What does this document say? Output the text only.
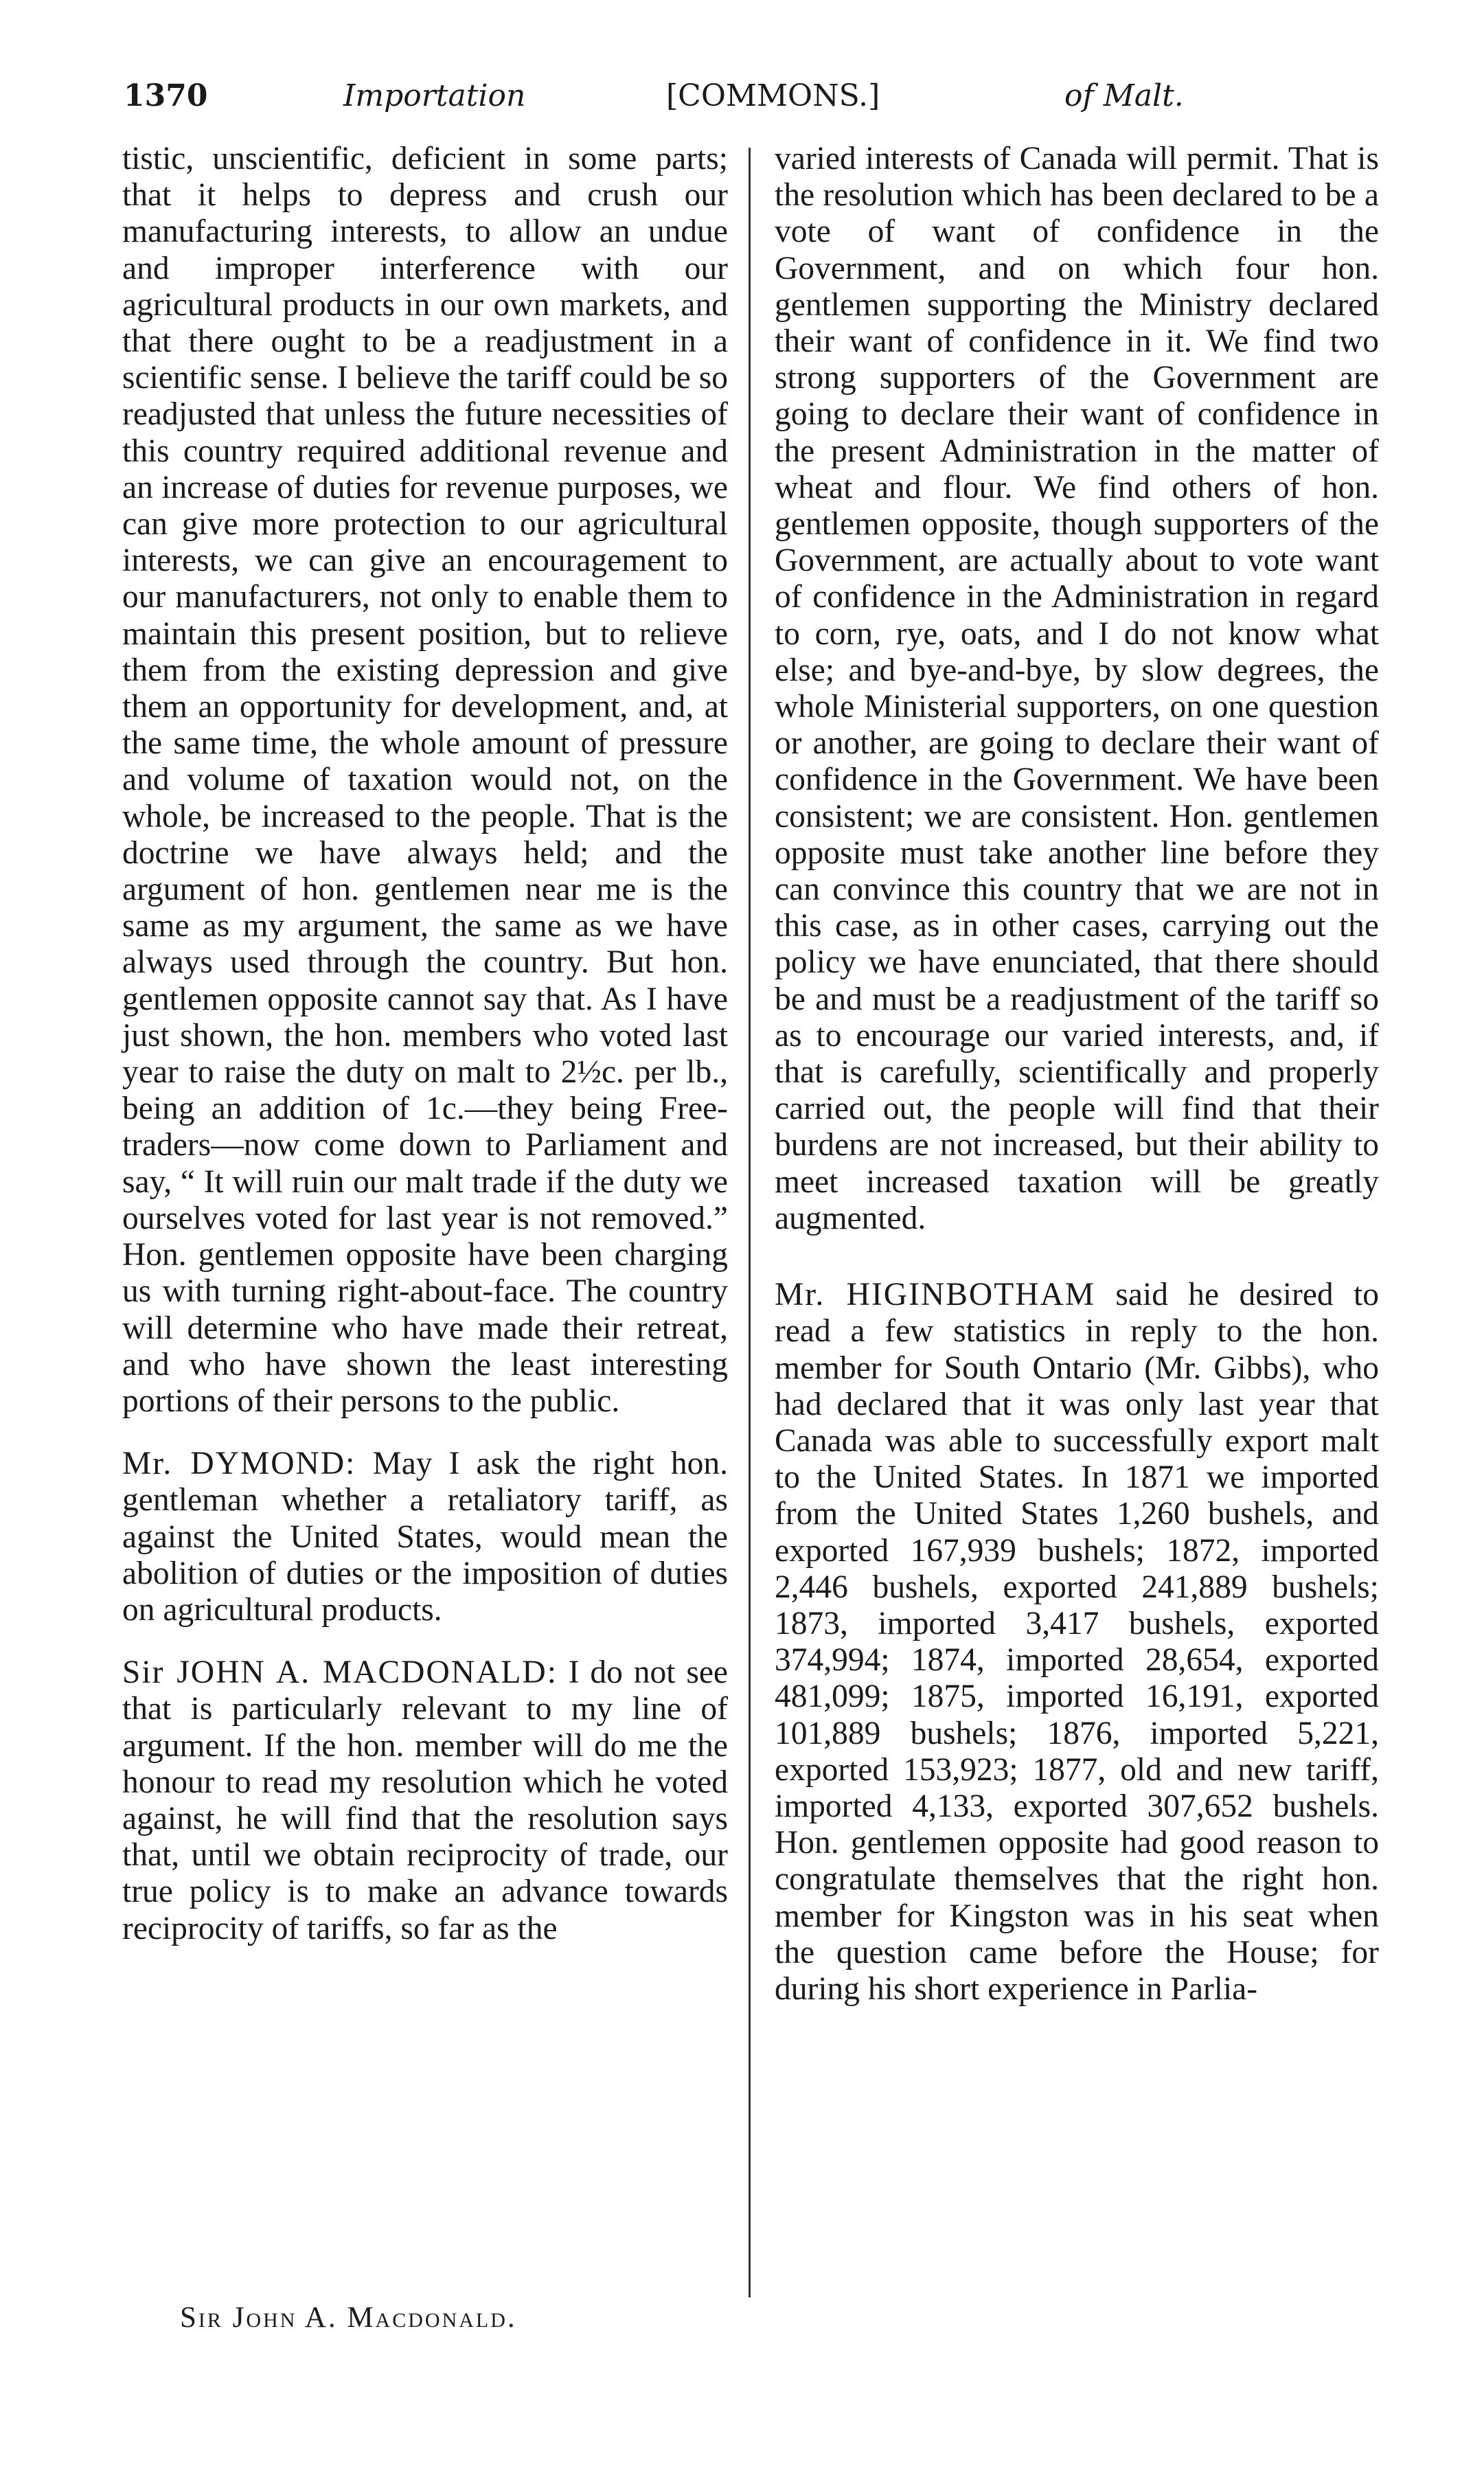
1370	Importation	[COMMONS.]	of Malt.

tistic, unscientific, deficient in some parts; that it helps to depress and crush our manufacturing interests, to allow an undue and improper interference with our agricultural products in our own markets, and that there ought to be a readjustment in a scientific sense. I believe the tariff could be so readjusted that unless the future necessities of this country required additional revenue and an increase of duties for revenue purposes, we can give more protection to our agricultural interests, we can give an encouragement to our manufacturers, not only to enable them to maintain this present position, but to relieve them from the existing depression and give them an opportunity for development, and, at the same time, the whole amount of pressure and volume of taxation would not, on the whole, be increased to the people. That is the doctrine we have always held; and the argument of hon. gentlemen near me is the same as my argument, the same as we have always used through the country. But hon. gentlemen opposite cannot say that. As I have just shown, the hon. members who voted last year to raise the duty on malt to 2½c. per lb., being an addition of 1c.—they being Free-traders—now come down to Parliament and say, “ It will ruin our malt trade if the duty we ourselves voted for last year is not removed.” Hon. gentlemen opposite have been charging us with turning right-about-face. The country will determine who have made their retreat, and who have shown the least interesting portions of their persons to the public.

Mr. DYMOND: May I ask the right hon. gentleman whether a retaliatory tariff, as against the United States, would mean the abolition of duties or the imposition of duties on agricultural products.

Sir JOHN A. MACDONALD: I do not see that is particularly relevant to my line of argument. If the hon. member will do me the honour to read my resolution which he voted against, he will find that the resolution says that, until we obtain reciprocity of trade, our true policy is to make an advance towards reciprocity of tariffs, so far as the

varied interests of Canada will permit. That is the resolution which has been declared to be a vote of want of confidence in the Government, and on which four hon. gentlemen supporting the Ministry declared their want of confidence in it. We find two strong supporters of the Government are going to declare their want of confidence in the present Administration in the matter of wheat and flour. We find others of hon. gentlemen opposite, though supporters of the Government, are actually about to vote want of confidence in the Administration in regard to corn, rye, oats, and I do not know what else; and bye-and-bye, by slow degrees, the whole Ministerial supporters, on one question or another, are going to declare their want of confidence in the Government. We have been consistent; we are consistent. Hon. gentlemen opposite must take another line before they can convince this country that we are not in this case, as in other cases, carrying out the policy we have enunciated, that there should be and must be a readjustment of the tariff so as to encourage our varied interests, and, if that is carefully, scientifically and properly carried out, the people will find that their burdens are not increased, but their ability to meet increased taxation will be greatly augmented.

Mr. HIGINBOTHAM said he desired to read a few statistics in reply to the hon. member for South Ontario (Mr. Gibbs), who had declared that it was only last year that Canada was able to successfully export malt to the United States. In 1871 we imported from the United States 1,260 bushels, and exported 167,939 bushels; 1872, imported 2,446 bushels, exported 241,889 bushels; 1873, imported 3,417 bushels, exported 374,994; 1874, imported 28,654, exported 481,099; 1875, imported 16,191, exported 101,889 bushels; 1876, imported 5,221, exported 153,923; 1877, old and new tariff, imported 4,133, exported 307,652 bushels. Hon. gentlemen opposite had good reason to congratulate themselves that the right hon. member for Kingston was in his seat when the question came before the House; for during his short experience in Parlia-

Sir John A. Macdonald.
